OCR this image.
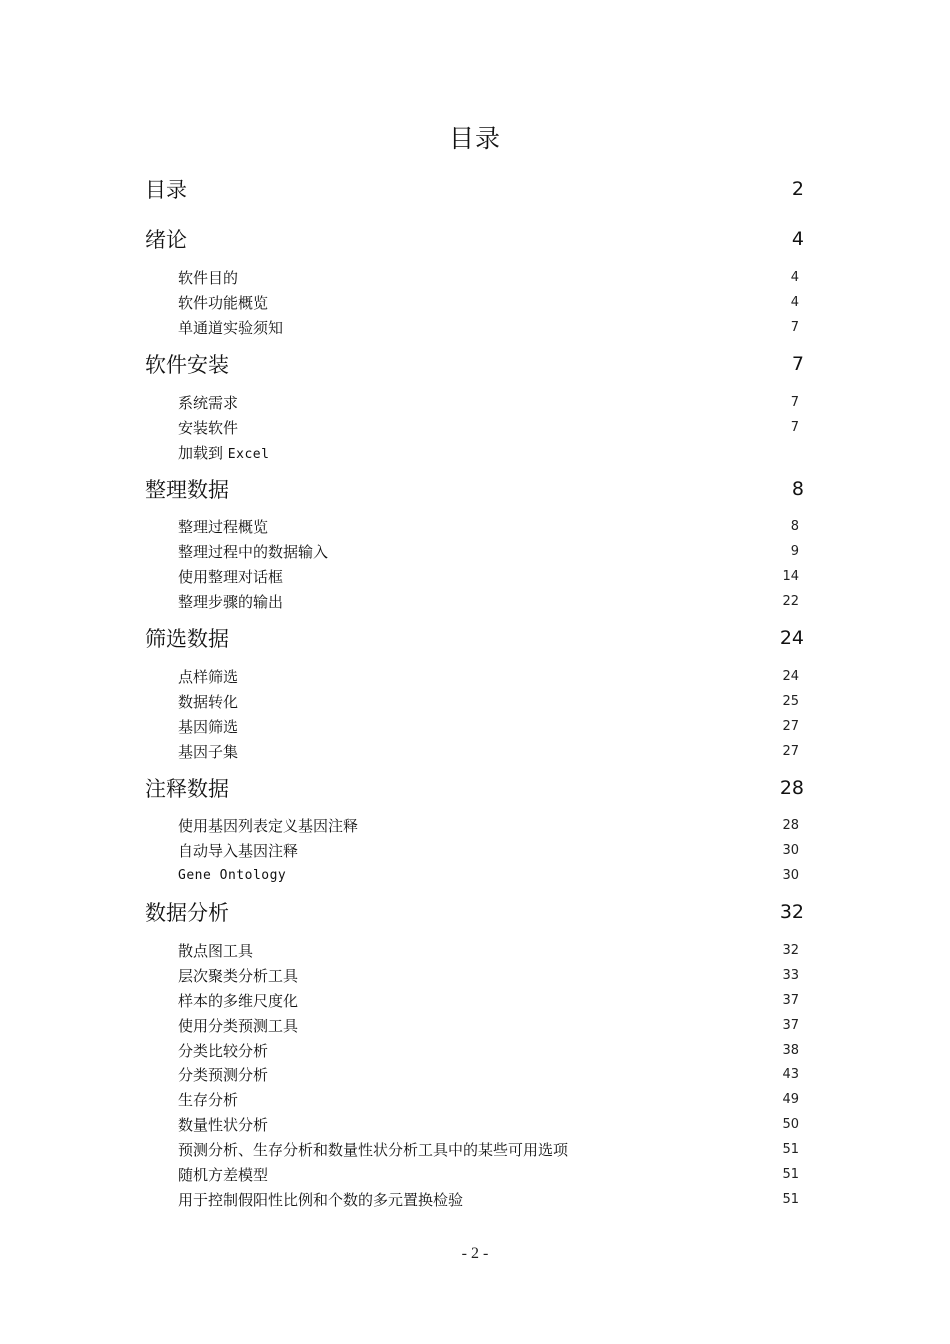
目录
目录	2
绪论	4
软件目的	4
软件功能概览	4
单通道实验须知	7
软件安装	7
系统需求	7
安装软件	7
加载到 Excel
整理数据	8
整理过程概览	8
整理过程中的数据输入	9
使用整理对话框	14
整理步骤的输出	22
筛选数据	24
点样筛选	24
数据转化	25
基因筛选	27
基因子集	27
注释数据	28
使用基因列表定义基因注释	28
自动导入基因注释	30
Gene Ontology	30
数据分析	32
散点图工具	32
层次聚类分析工具	33
样本的多维尺度化	37
使用分类预测工具	37
分类比较分析	38
分类预测分析	43
生存分析	49
数量性状分析	50
预测分析、生存分析和数量性状分析工具中的某些可用选项	51
随机方差模型	51
用于控制假阳性比例和个数的多元置换检验	51
- 2 -
